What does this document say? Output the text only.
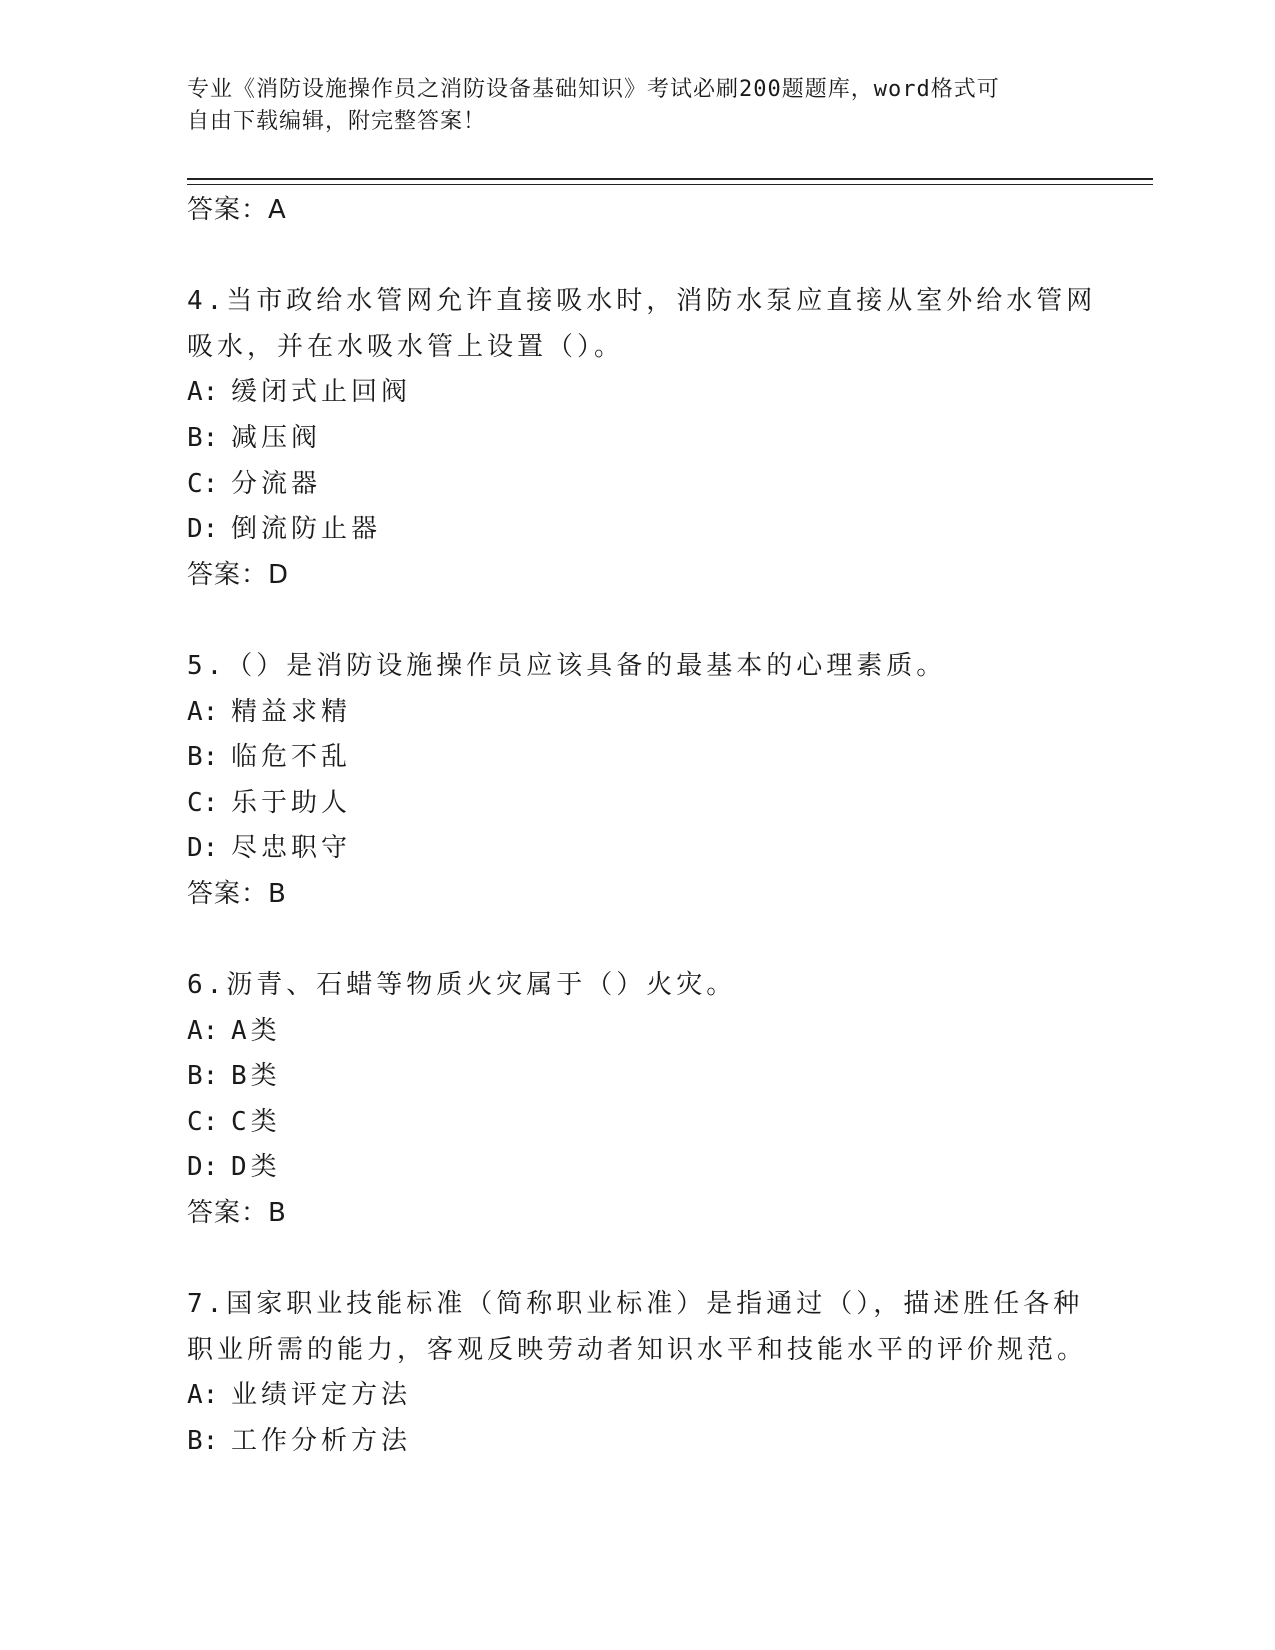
专业《消防设施操作员之消防设备基础知识》考试必刷200题题库，word格式可
自由下载编辑，附完整答案！
答案：A
4.当市政给水管网允许直接吸水时，消防水泵应直接从室外给水管网
吸水，并在水吸水管上设置（）。
A: 缓闭式止回阀
B: 减压阀
C: 分流器
D: 倒流防止器
答案：D
5.（）是消防设施操作员应该具备的最基本的心理素质。
A: 精益求精
B: 临危不乱
C: 乐于助人
D: 尽忠职守
答案：B
6.沥青、石蜡等物质火灾属于（）火灾。
A: A类
B: B类
C: C类
D: D类
答案：B
7.国家职业技能标准（简称职业标准）是指通过（），描述胜任各种
职业所需的能力，客观反映劳动者知识水平和技能水平的评价规范。
A: 业绩评定方法
B: 工作分析方法
